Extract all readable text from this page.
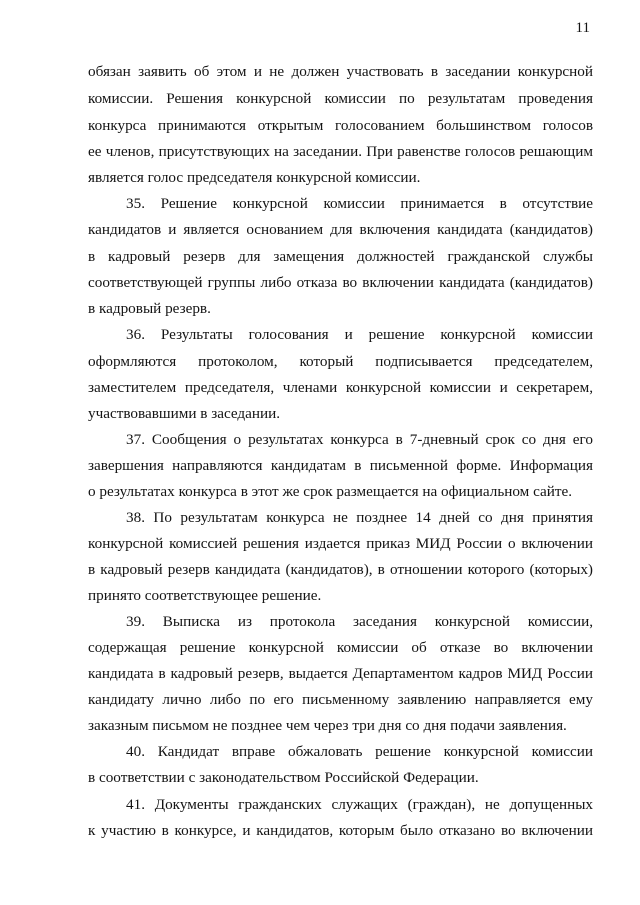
11
обязан заявить об этом и не должен участвовать в заседании конкурсной
комиссии. Решения конкурсной комиссии по результатам проведения
конкурса принимаются открытым голосованием большинством голосов
ее членов, присутствующих на заседании. При равенстве голосов решающим
является голос председателя конкурсной комиссии.
35. Решение конкурсной комиссии принимается в отсутствие
кандидатов и является основанием для включения кандидата (кандидатов)
в кадровый резерв для замещения должностей гражданской службы
соответствующей группы либо отказа во включении кандидата (кандидатов)
в кадровый резерв.
36. Результаты голосования и решение конкурсной комиссии
оформляются протоколом, который подписывается председателем,
заместителем председателя, членами конкурсной комиссии и секретарем,
участвовавшими в заседании.
37. Сообщения о результатах конкурса в 7-дневный срок со дня его
завершения направляются кандидатам в письменной форме. Информация
о результатах конкурса в этот же срок размещается на официальном сайте.
38. По результатам конкурса не позднее 14 дней со дня принятия
конкурсной комиссией решения издается приказ МИД России о включении
в кадровый резерв кандидата (кандидатов), в отношении которого (которых)
принято соответствующее решение.
39. Выписка из протокола заседания конкурсной комиссии,
содержащая решение конкурсной комиссии об отказе во включении
кандидата в кадровый резерв, выдается Департаментом кадров МИД России
кандидату лично либо по его письменному заявлению направляется ему
заказным письмом не позднее чем через три дня со дня подачи заявления.
40. Кандидат вправе обжаловать решение конкурсной комиссии
в соответствии с законодательством Российской Федерации.
41. Документы гражданских служащих (граждан), не допущенных
к участию в конкурсе, и кандидатов, которым было отказано во включении
